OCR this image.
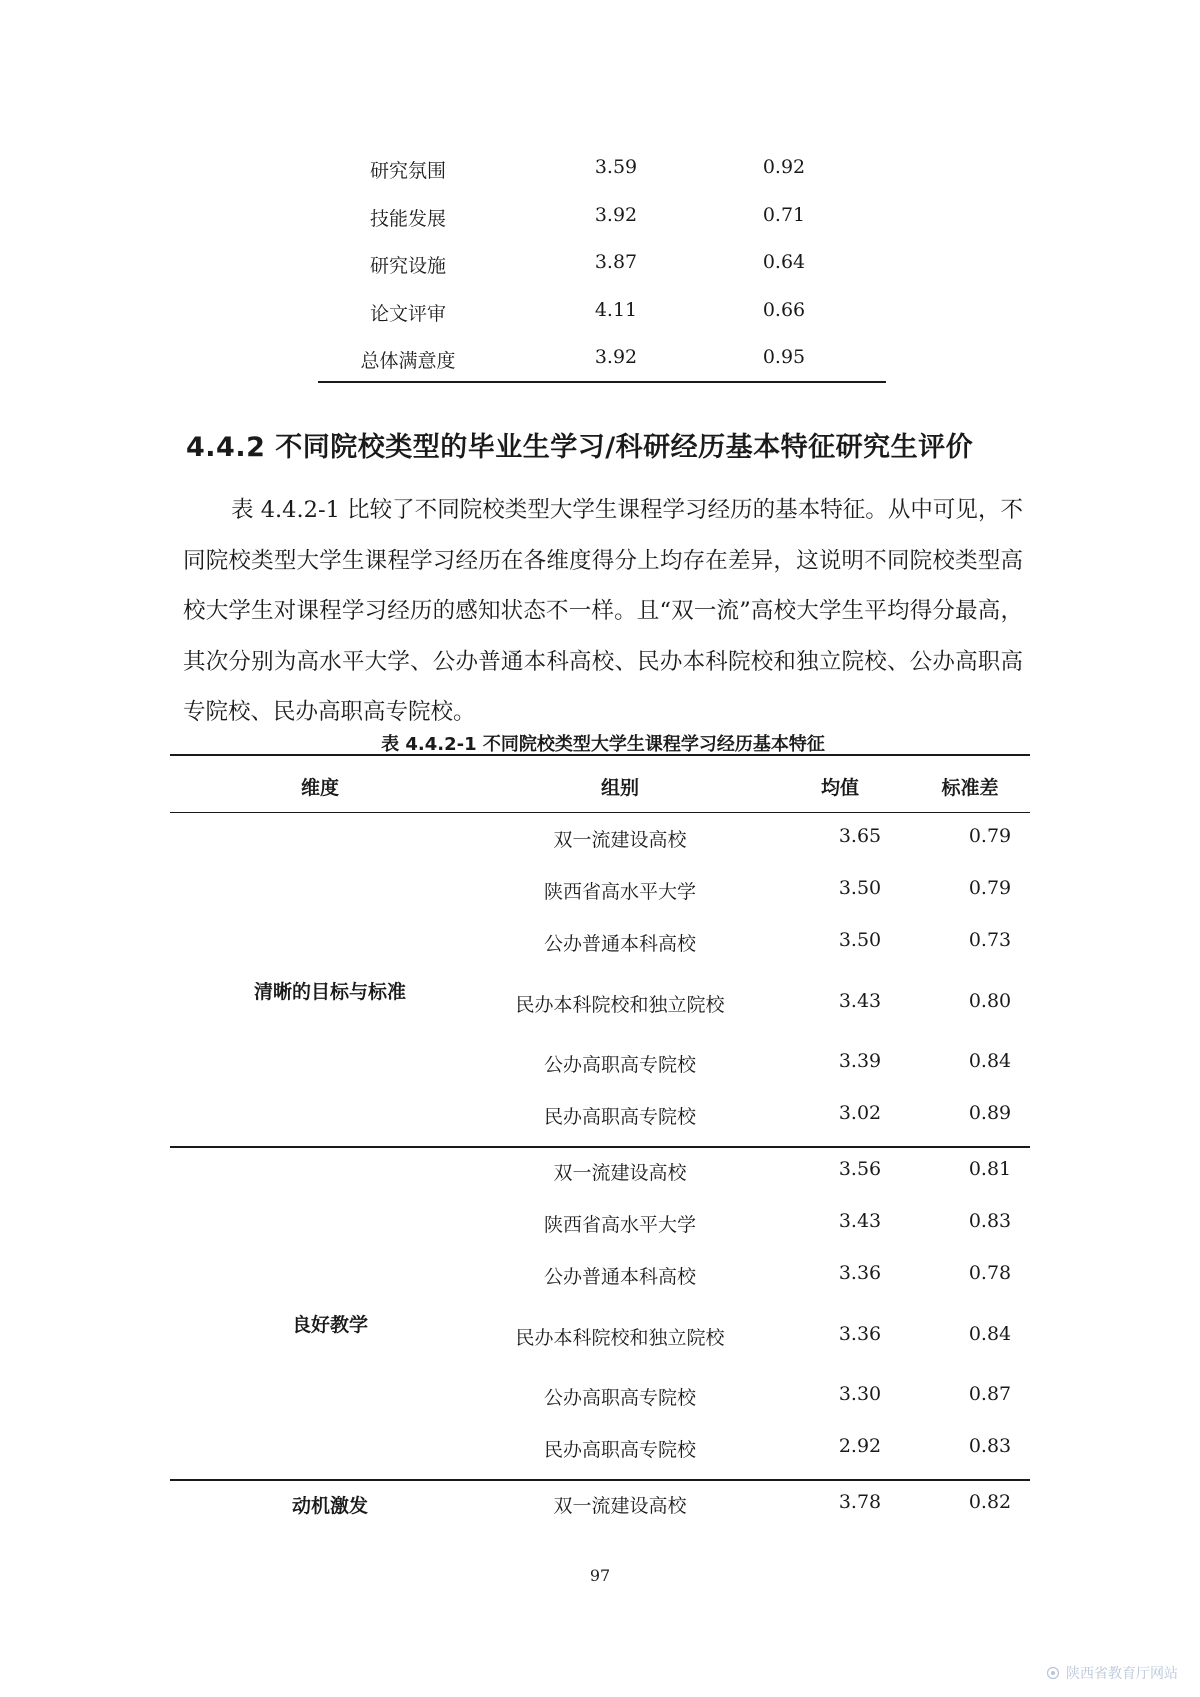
研究氛围	3.59	0.92
技能发展	3.92	0.71
研究设施	3.87	0.64
论文评审	4.11	0.66
总体满意度	3.92	0.95
4.4.2 不同院校类型的毕业生学习/科研经历基本特征研究生评价
表 4.4.2-1 比较了不同院校类型大学生课程学习经历的基本特征。从中可见，不同院校类型大学生课程学习经历在各维度得分上均存在差异，这说明不同院校类型高校大学生对课程学习经历的感知状态不一样。且“双一流”高校大学生平均得分最高，其次分别为高水平大学、公办普通本科高校、民办本科院校和独立院校、公办高职高专院校、民办高职高专院校。
表 4.4.2-1 不同院校类型大学生课程学习经历基本特征
维度	组别	均值	标准差
清晰的目标与标准
双一流建设高校	3.65	0.79
陕西省高水平大学	3.50	0.79
公办普通本科高校	3.50	0.73
民办本科院校和独立院校	3.43	0.80
公办高职高专院校	3.39	0.84
民办高职高专院校	3.02	0.89
良好教学
双一流建设高校	3.56	0.81
陕西省高水平大学	3.43	0.83
公办普通本科高校	3.36	0.78
民办本科院校和独立院校	3.36	0.84
公办高职高专院校	3.30	0.87
民办高职高专院校	2.92	0.83
动机激发	双一流建设高校	3.78	0.82
97
陕西省教育厅网站
